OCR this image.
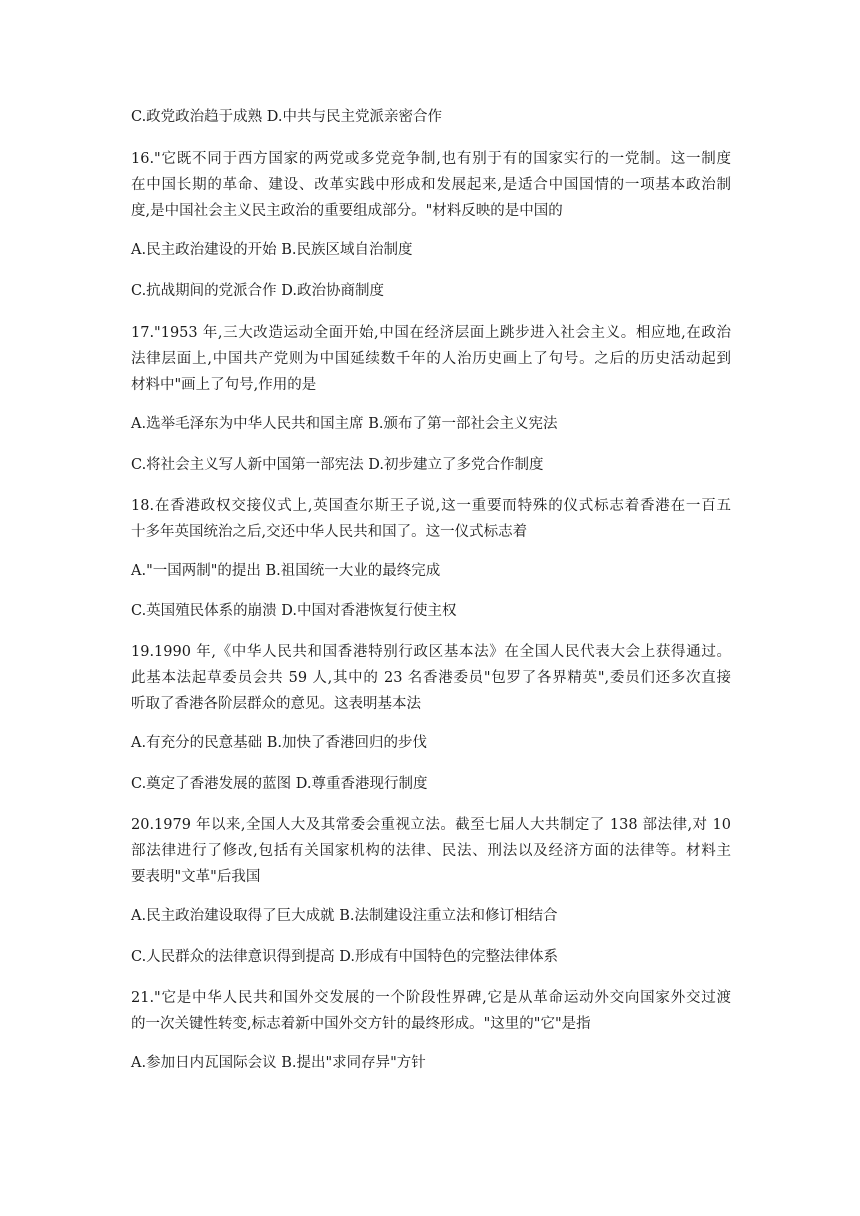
C.政党政治趋于成熟 D.中共与民主党派亲密合作
16."它既不同于西方国家的两党或多党竞争制,也有别于有的国家实行的一党制。这一制度
在中国长期的革命、建设、改革实践中形成和发展起来,是适合中国国情的一项基本政治制
度,是中国社会主义民主政治的重要组成部分。"材料反映的是中国的
A.民主政治建设的开始 B.民族区域自治制度
C.抗战期间的党派合作 D.政治协商制度
17."1953 年,三大改造运动全面开始,中国在经济层面上跳步进入社会主义。相应地,在政治
法律层面上,中国共产党则为中国延续数千年的人治历史画上了句号。之后的历史活动起到
材料中"画上了句号,作用的是
A.选举毛泽东为中华人民共和国主席 B.颁布了第一部社会主义宪法
C.将社会主义写人新中国第一部宪法 D.初步建立了多党合作制度
18.在香港政权交接仪式上,英国查尔斯王子说,这一重要而特殊的仪式标志着香港在一百五
十多年英国统治之后,交还中华人民共和国了。这一仪式标志着
A."一国两制"的提出 B.祖国统一大业的最终完成
C.英国殖民体系的崩溃 D.中国对香港恢复行使主权
19.1990 年,《中华人民共和国香港特别行政区基本法》在全国人民代表大会上获得通过。
此基本法起草委员会共 59 人,其中的 23 名香港委员"包罗了各界精英",委员们还多次直接
听取了香港各阶层群众的意见。这表明基本法
A.有充分的民意基础 B.加快了香港回归的步伐
C.奠定了香港发展的蓝图 D.尊重香港现行制度
20.1979 年以来,全国人大及其常委会重视立法。截至七届人大共制定了 138 部法律,对 10
部法律进行了修改,包括有关国家机构的法律、民法、刑法以及经济方面的法律等。材料主
要表明"文革"后我国
A.民主政治建设取得了巨大成就 B.法制建设注重立法和修订相结合
C.人民群众的法律意识得到提高 D.形成有中国特色的完整法律体系
21."它是中华人民共和国外交发展的一个阶段性界碑,它是从革命运动外交向国家外交过渡
的一次关键性转变,标志着新中国外交方针的最终形成。"这里的"它"是指
A.参加日内瓦国际会议 B.提出"求同存异"方针
